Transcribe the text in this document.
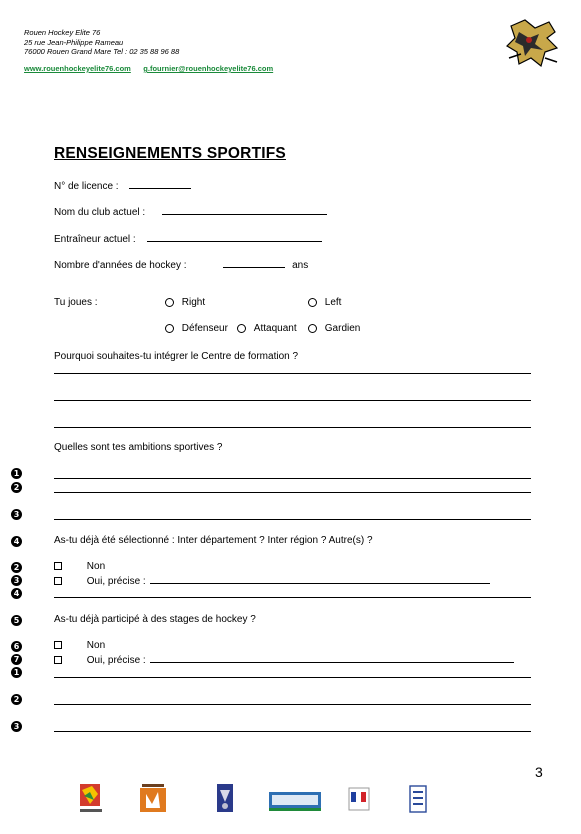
Rouen Hockey Elite 76
25 rue Jean-Philippe Rameau
76000 Rouen Grand Mare Tel : 02 35 88 96 88
www.rouenhockeyelite76.com g.fournier@rouenhockeyelite76.com
RENSEIGNEMENTS SPORTIFS
N° de licence :
Nom du club actuel :
Entraîneur actuel :
Nombre d'années de hockey :	ans
Tu joues :	Right	Left
Défenseur	Attaquant	Gardien
Pourquoi souhaites-tu intégrer le Centre de formation ?
Quelles sont tes ambitions sportives ?
1
2
3
4	As-tu déjà été sélectionné : Inter département ? Inter région ? Autre(s) ?
2
3
4
Non
Oui, précise :
5	As-tu déjà participé à des stages de hockey ?
6
7
1
Non
Oui, précise :
2
3
3
